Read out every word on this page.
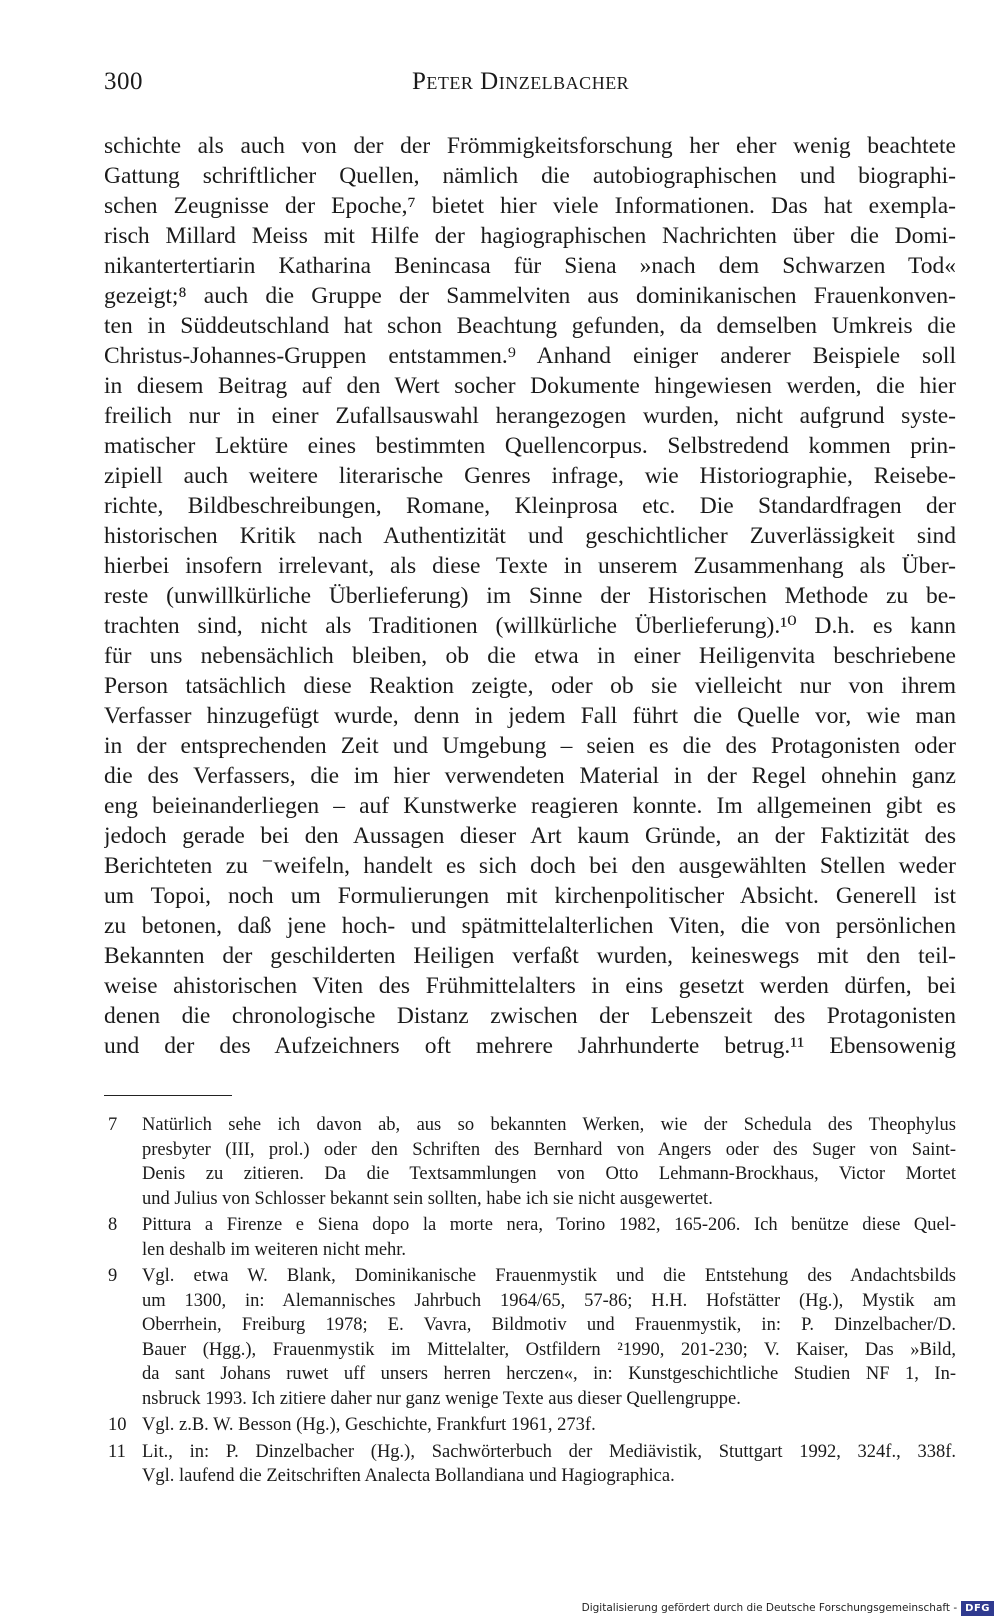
300	Peter Dinzelbacher
schichte als auch von der der Frömmigkeitsforschung her eher wenig beachtete
Gattung schriftlicher Quellen, nämlich die autobiographischen und biographi-
schen Zeugnisse der Epoche,⁷ bietet hier viele Informationen. Das hat exempla-
risch Millard Meiss mit Hilfe der hagiographischen Nachrichten über die Domi-
nikantertertiarin Katharina Benincasa für Siena »nach dem Schwarzen Tod«
gezeigt;⁸ auch die Gruppe der Sammelviten aus dominikanischen Frauenkonven-
ten in Süddeutschland hat schon Beachtung gefunden, da demselben Umkreis die
Christus-Johannes-Gruppen entstammen.⁹ Anhand einiger anderer Beispiele soll
in diesem Beitrag auf den Wert socher Dokumente hingewiesen werden, die hier
freilich nur in einer Zufallsauswahl herangezogen wurden, nicht aufgrund syste-
matischer Lektüre eines bestimmten Quellencorpus. Selbstredend kommen prin-
zipiell auch weitere literarische Genres infrage, wie Historiographie, Reisebe-
richte, Bildbeschreibungen, Romane, Kleinprosa etc. Die Standardfragen der
historischen Kritik nach Authentizität und geschichtlicher Zuverlässigkeit sind
hierbei insofern irrelevant, als diese Texte in unserem Zusammenhang als Über-
reste (unwillkürliche Überlieferung) im Sinne der Historischen Methode zu be-
trachten sind, nicht als Traditionen (willkürliche Überlieferung).¹⁰ D.h. es kann
für uns nebensächlich bleiben, ob die etwa in einer Heiligenvita beschriebene
Person tatsächlich diese Reaktion zeigte, oder ob sie vielleicht nur von ihrem
Verfasser hinzugefügt wurde, denn in jedem Fall führt die Quelle vor, wie man
in der entsprechenden Zeit und Umgebung – seien es die des Protagonisten oder
die des Verfassers, die im hier verwendeten Material in der Regel ohnehin ganz
eng beieinanderliegen – auf Kunstwerke reagieren konnte. Im allgemeinen gibt es
jedoch gerade bei den Aussagen dieser Art kaum Gründe, an der Faktizität des
Berichteten zu ⁻weifeln, handelt es sich doch bei den ausgewählten Stellen weder
um Topoi, noch um Formulierungen mit kirchenpolitischer Absicht. Generell ist
zu betonen, daß jene hoch- und spätmittelalterlichen Viten, die von persönlichen
Bekannten der geschilderten Heiligen verfaßt wurden, keineswegs mit den teil-
weise ahistorischen Viten des Frühmittelalters in eins gesetzt werden dürfen, bei
denen die chronologische Distanz zwischen der Lebenszeit des Protagonisten
und der des Aufzeichners oft mehrere Jahrhunderte betrug.¹¹ Ebensowenig
7 Natürlich sehe ich davon ab, aus so bekannten Werken, wie der Schedula des Theophylus
presbyter (III, prol.) oder den Schriften des Bernhard von Angers oder des Suger von Saint-
Denis zu zitieren. Da die Textsammlungen von Otto Lehmann-Brockhaus, Victor Mortet
und Julius von Schlosser bekannt sein sollten, habe ich sie nicht ausgewertet.
8 Pittura a Firenze e Siena dopo la morte nera, Torino 1982, 165-206. Ich benütze diese Quel-
len deshalb im weiteren nicht mehr.
9 Vgl. etwa W. Blank, Dominikanische Frauenmystik und die Entstehung des Andachtsbilds
um 1300, in: Alemannisches Jahrbuch 1964/65, 57-86; H.H. Hofstätter (Hg.), Mystik am
Oberrhein, Freiburg 1978; E. Vavra, Bildmotiv und Frauenmystik, in: P. Dinzelbacher/D.
Bauer (Hgg.), Frauenmystik im Mittelalter, Ostfildern ²1990, 201-230; V. Kaiser, Das »Bild,
da sant Johans ruwet uff unsers herren herczen«, in: Kunstgeschichtliche Studien NF 1, In-
nsbruck 1993. Ich zitiere daher nur ganz wenige Texte aus dieser Quellengruppe.
10 Vgl. z.B. W. Besson (Hg.), Geschichte, Frankfurt 1961, 273f.
11 Lit., in: P. Dinzelbacher (Hg.), Sachwörterbuch der Mediävistik, Stuttgart 1992, 324f., 338f.
Vgl. laufend die Zeitschriften Analecta Bollandiana und Hagiographica.
Digitalisierung gefördert durch die Deutsche Forschungsgemeinschaft - DFG
